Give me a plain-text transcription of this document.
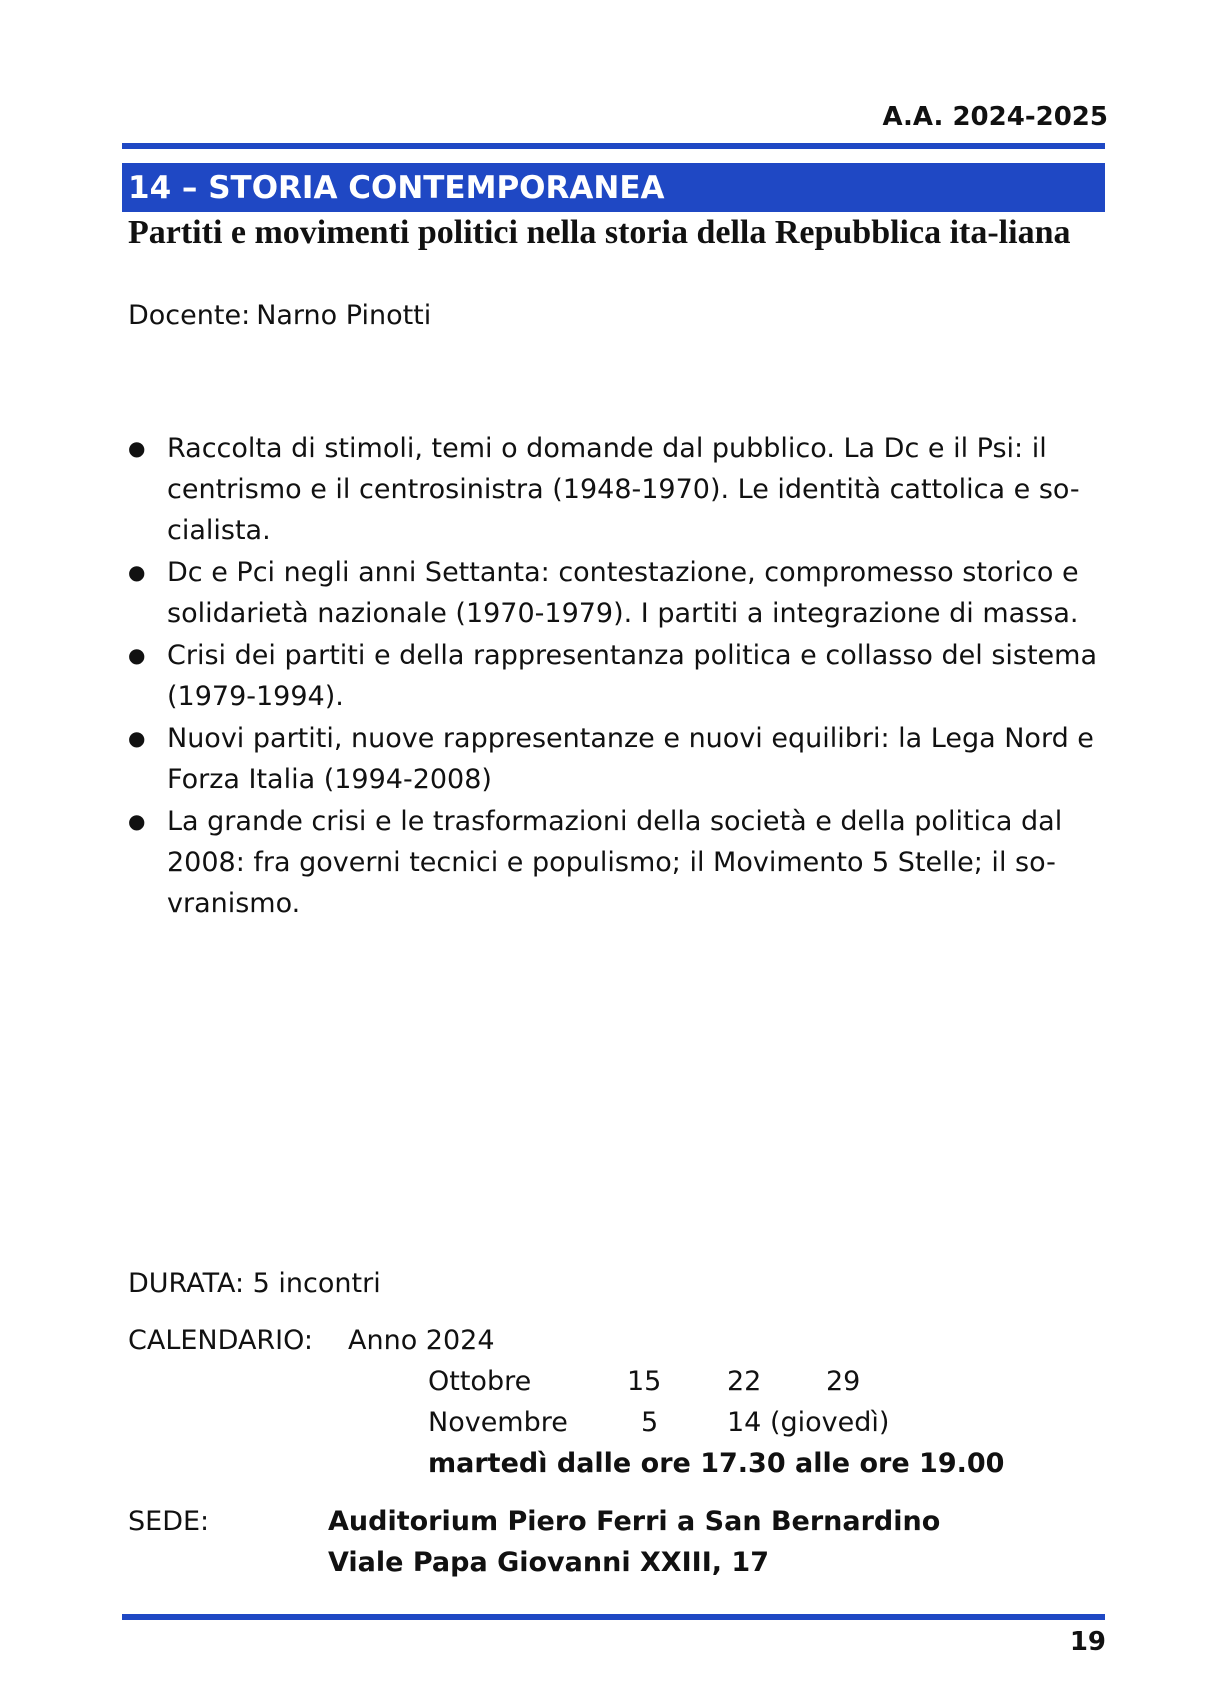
A.A. 2024-2025
14 – STORIA CONTEMPORANEA
Partiti e movimenti politici nella storia della Repubblica ita-liana
Docente: Narno Pinotti
● Raccolta di stimoli, temi o domande dal pubblico. La Dc e il Psi: il centrismo e il centrosinistra (1948-1970). Le identità cattolica e so-cialista.
● Dc e Pci negli anni Settanta: contestazione, compromesso storico e solidarietà nazionale (1970-1979). I partiti a integrazione di massa.
● Crisi dei partiti e della rappresentanza politica e collasso del sistema (1979-1994).
● Nuovi partiti, nuove rappresentanze e nuovi equilibri: la Lega Nord e Forza Italia (1994-2008)
● La grande crisi e le trasformazioni della società e della politica dal 2008: fra governi tecnici e populismo; il Movimento 5 Stelle; il so-vranismo.
DURATA: 5 incontri
CALENDARIO: Anno 2024
Ottobre	15 22 29
Novembre	5	14 (giovedì)
martedì dalle ore 17.30 alle ore 19.00
SEDE:	Auditorium Piero Ferri a San Bernardino
Viale Papa Giovanni XXIII, 17
19
